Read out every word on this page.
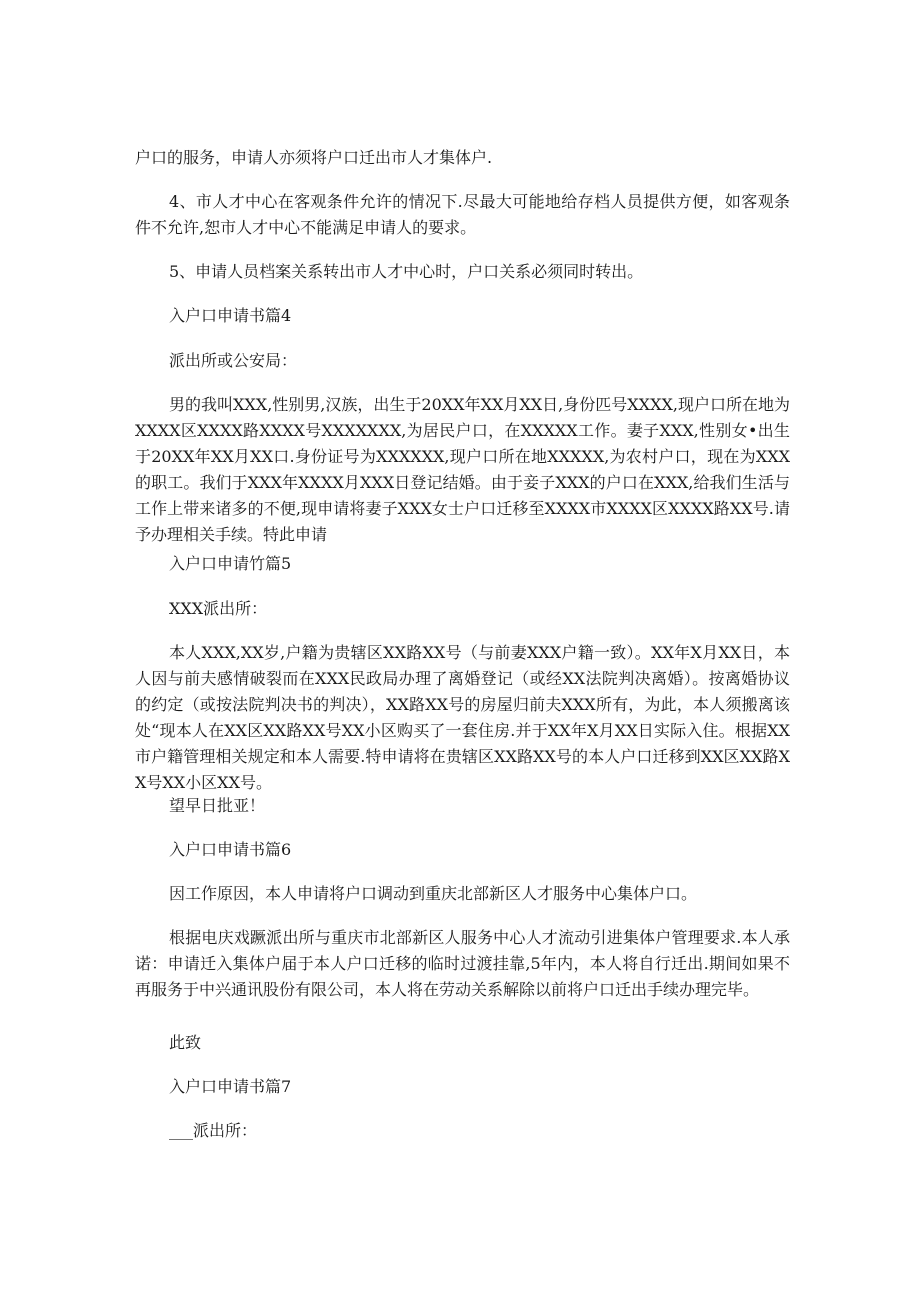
户口的服务，申请人亦须将户口迁出市人才集体户.

4、市人才中心在客观条件允许的情况下.尽最大可能地给存档人员提供方便，如客观条件不允许,恕市人才中心不能满足申请人的要求。

5、申请人员档案关系转出市人才中心时，户口关系必须同时转出。

入户口申请书篇4

派出所或公安局：

男的我叫XXX,性别男,汉族，出生于20XX年XX月XX日,身份匹号XXXX,现户口所在地为XXXX区XXXX路XXXX号XXXXXXX,为居民户口，在XXXXX工作。妻子XXX,性别女•出生于20XX年XX月XX口.身份证号为XXXXXX,现户口所在地XXXXX,为农村户口，现在为XXX的职工。我们于XXX年XXXX月XXX日登记结婚。由于妾子XXX的户口在XXX,给我们生活与工作上带来诸多的不便,现申请将妻子XXX女士户口迁移至XXXX市XXXX区XXXX路XX号.请予办理相关手续。特此申请

入户口申请竹篇5

XXX派出所：

本人XXX,XX岁,户籍为贵辖区XX路XX号（与前妻XXX户籍一致）。XX年X月XX日，本人因与前夫感情破裂而在XXX民政局办理了离婚登记（或经XX法院判决离婚）。按离婚协议的约定（或按法院判决书的判决），XX路XX号的房屋归前夫XXX所有，为此，本人须搬离该处“现本人在XX区XX路XX号XX小区购买了一套住房.并于XX年X月XX日实际入住。根据XX市户籍管理相关规定和本人需要.特申请将在贵辖区XX路XX号的本人户口迁移到XX区XX路XX号XX小区XX号。

望早日批亚！

入户口申请书篇6

因工作原因，本人申请将户口调动到重庆北部新区人才服务中心集体户口。

根据电庆戏蹶派出所与重庆市北部新区人服务中心人才流动引进集体户管理要求.本人承诺：申请迁入集体户届于本人户口迁移的临时过渡挂靠,5年内，本人将自行迁出.期间如果不再服务于中兴通讯股份有限公司，本人将在劳动关系解除以前将户口迁出手续办理完毕。

此致

入户口申请书篇7

___派出所：
